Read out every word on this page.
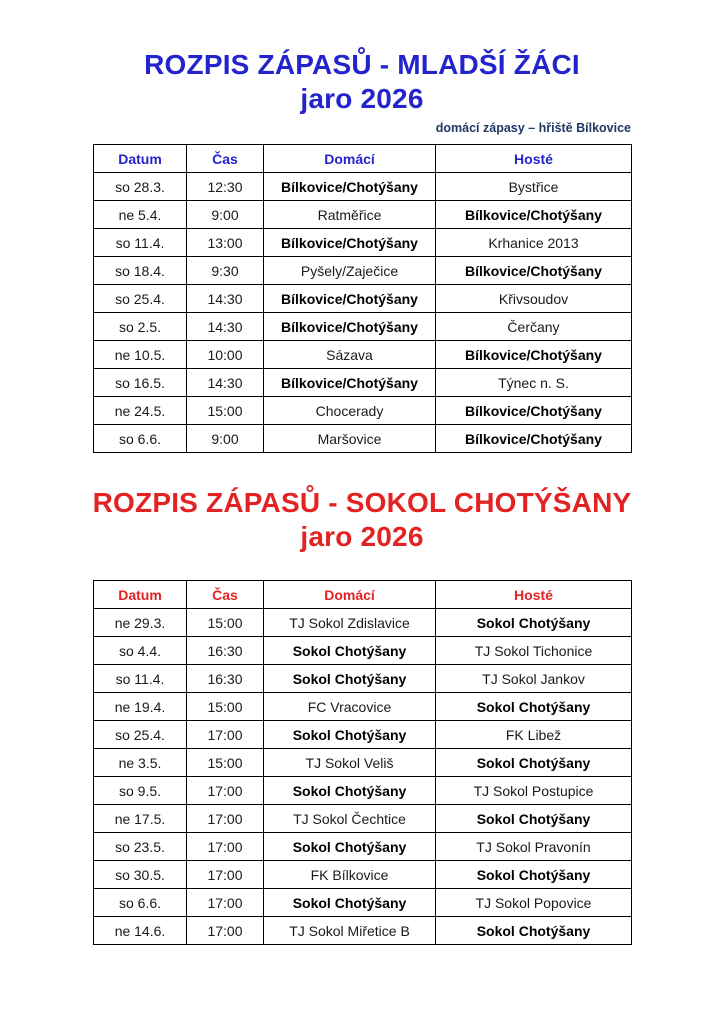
ROZPIS ZÁPASŮ - MLADŠÍ ŽÁCI
jaro 2026
domácí zápasy – hřiště Bílkovice
Datum	Čas	Domácí	Hosté
so 28.3.	12:30	Bílkovice/Chotýšany	Bystřice
ne 5.4.	9:00	Ratměřice	Bílkovice/Chotýšany
so 11.4.	13:00	Bílkovice/Chotýšany	Krhanice 2013
so 18.4.	9:30	Pyšely/Zaječice	Bílkovice/Chotýšany
so 25.4.	14:30	Bílkovice/Chotýšany	Křivsoudov
so 2.5.	14:30	Bílkovice/Chotýšany	Čerčany
ne 10.5.	10:00	Sázava	Bílkovice/Chotýšany
so 16.5.	14:30	Bílkovice/Chotýšany	Týnec n. S.
ne 24.5.	15:00	Chocerady	Bílkovice/Chotýšany
so 6.6.	9:00	Maršovice	Bílkovice/Chotýšany
ROZPIS ZÁPASŮ - SOKOL CHOTÝŠANY
jaro 2026
Datum	Čas	Domácí	Hosté
ne 29.3.	15:00	TJ Sokol Zdislavice	Sokol Chotýšany
so 4.4.	16:30	Sokol Chotýšany	TJ Sokol Tichonice
so 11.4.	16:30	Sokol Chotýšany	TJ Sokol Jankov
ne 19.4.	15:00	FC Vracovice	Sokol Chotýšany
so 25.4.	17:00	Sokol Chotýšany	FK Libež
ne 3.5.	15:00	TJ Sokol Veliš	Sokol Chotýšany
so 9.5.	17:00	Sokol Chotýšany	TJ Sokol Postupice
ne 17.5.	17:00	TJ Sokol Čechtice	Sokol Chotýšany
so 23.5.	17:00	Sokol Chotýšany	TJ Sokol Pravonín
so 30.5.	17:00	FK Bílkovice	Sokol Chotýšany
so 6.6.	17:00	Sokol Chotýšany	TJ Sokol Popovice
ne 14.6.	17:00	TJ Sokol Miřetice B	Sokol Chotýšany
